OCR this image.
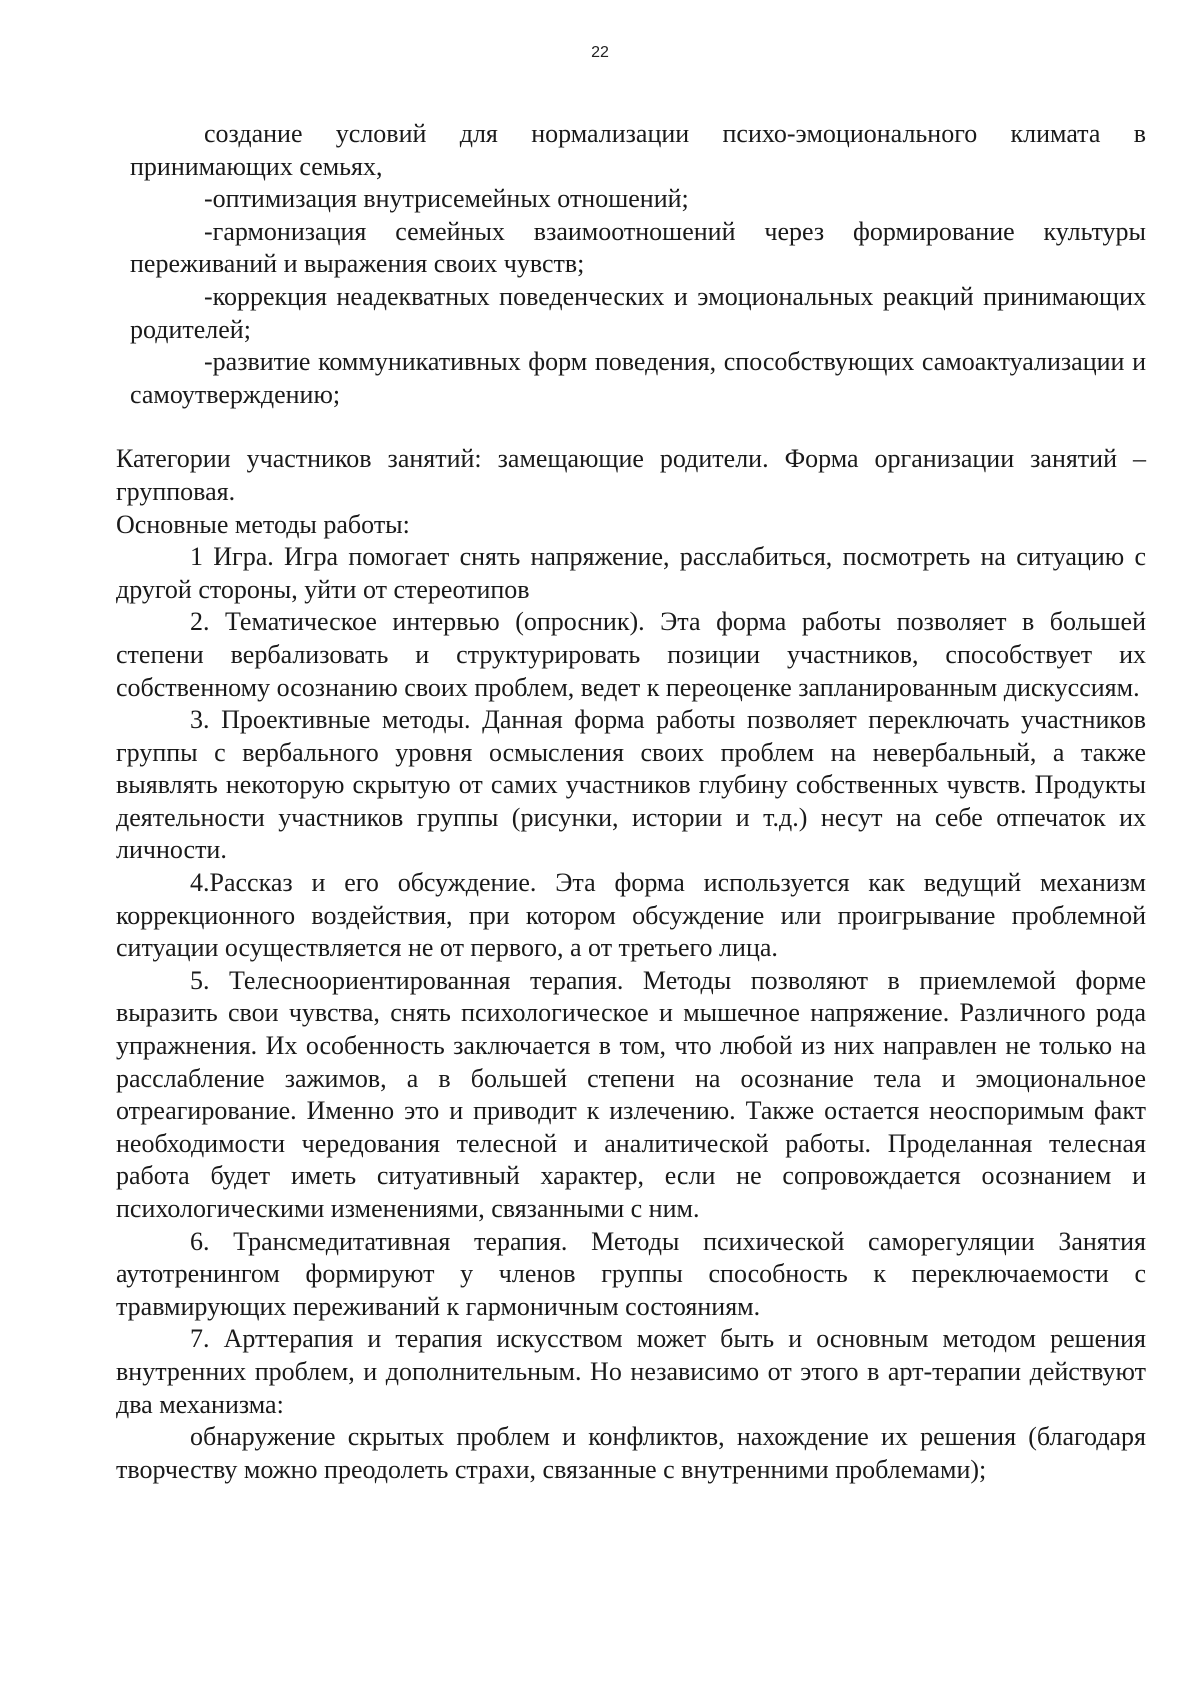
22

создание условий для нормализации психо-эмоционального климата в принимающих семьях,

-оптимизация внутрисемейных отношений;

-гармонизация семейных взаимоотношений через формирование культуры переживаний и выражения своих чувств;

-коррекция неадекватных поведенческих и эмоциональных реакций принимающих родителей;

-развитие коммуникативных форм поведения, способствующих самоактуализации и самоутверждению;

Категории участников занятий: замещающие родители. Форма организации занятий – групповая.

Основные методы работы:

1 Игра. Игра помогает снять напряжение, расслабиться, посмотреть на ситуацию с другой стороны, уйти от стереотипов

2. Тематическое интервью (опросник). Эта форма работы позволяет в большей степени вербализовать и структурировать позиции участников, способствует их собственному осознанию своих проблем, ведет к переоценке запланированным дискуссиям.

3. Проективные методы. Данная форма работы позволяет переключать участников группы с вербального уровня осмысления своих проблем на невербальный, а также выявлять некоторую скрытую от самих участников глубину собственных чувств. Продукты деятельности участников группы (рисунки, истории и т.д.) несут на себе отпечаток их личности.

4.Рассказ и его обсуждение. Эта форма используется как ведущий механизм коррекционного воздействия, при котором обсуждение или проигрывание проблемной ситуации осуществляется не от первого, а от третьего лица.

5. Телесноориентированная терапия. Методы позволяют в приемлемой форме выразить свои чувства, снять психологическое и мышечное напряжение. Различного рода упражнения. Их особенность заключается в том, что любой из них направлен не только на расслабление зажимов, а в большей степени на осознание тела и эмоциональное отреагирование. Именно это и приводит к излечению. Также остается неоспоримым факт необходимости чередования телесной и аналитической работы. Проделанная телесная работа будет иметь ситуативный характер, если не сопровождается осознанием и психологическими изменениями, связанными с ним.

6. Трансмедитативная терапия. Методы психической саморегуляции Занятия аутотренингом формируют у членов группы способность к переключаемости с травмирующих переживаний к гармоничным состояниям.

7. Арттерапия и терапия искусством может быть и основным методом решения внутренних проблем, и дополнительным. Но независимо от этого в арт-терапии действуют два механизма:

обнаружение скрытых проблем и конфликтов, нахождение их решения (благодаря творчеству можно преодолеть страхи, связанные с внутренними проблемами);
